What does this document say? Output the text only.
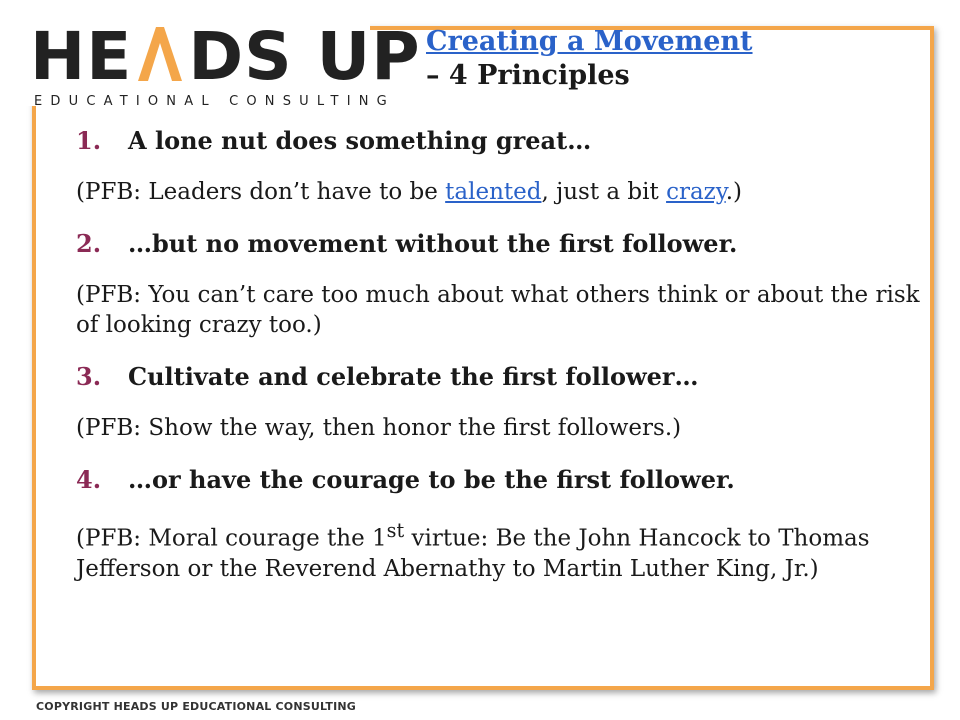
HE DS UP
EDUCATIONAL CONSULTING
Creating a Movement
– 4 Principles
1.	A lone nut does something great…
(PFB: Leaders don’t have to be talented, just a bit crazy.)
2.	…but no movement without the first follower.
(PFB: You can’t care too much about what others think or about the risk of looking crazy too.)
3.	Cultivate and celebrate the first follower…
(PFB: Show the way, then honor the first followers.)
4.	…or have the courage to be the first follower.
(PFB: Moral courage the 1st virtue: Be the John Hancock to Thomas Jefferson or the Reverend Abernathy to Martin Luther King, Jr.)
COPYRIGHT HEADS UP EDUCATIONAL CONSULTING
